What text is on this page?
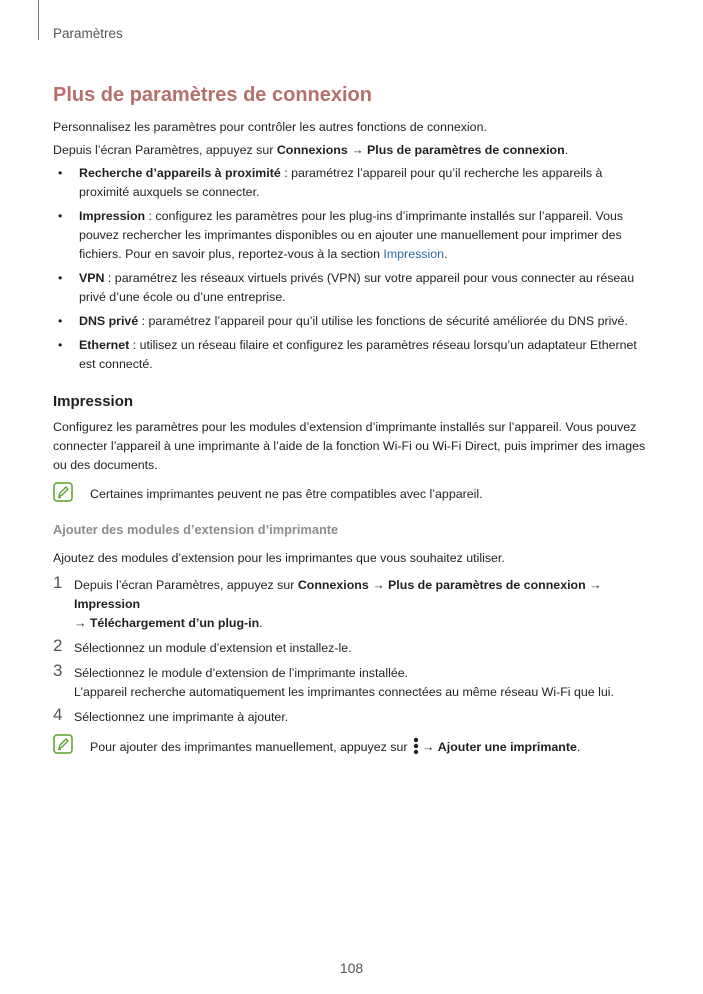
Paramètres
Plus de paramètres de connexion

Personnalisez les paramètres pour contrôler les autres fonctions de connexion.

Depuis l’écran Paramètres, appuyez sur Connexions → Plus de paramètres de connexion.

• Recherche d’appareils à proximité : paramétrez l’appareil pour qu’il recherche les appareils à proximité auxquels se connecter.
• Impression : configurez les paramètres pour les plug-ins d’imprimante installés sur l’appareil. Vous pouvez rechercher les imprimantes disponibles ou en ajouter une manuellement pour imprimer des fichiers. Pour en savoir plus, reportez-vous à la section Impression.
• VPN : paramétrez les réseaux virtuels privés (VPN) sur votre appareil pour vous connecter au réseau privé d’une école ou d’une entreprise.
• DNS privé : paramétrez l’appareil pour qu’il utilise les fonctions de sécurité améliorée du DNS privé.
• Ethernet : utilisez un réseau filaire et configurez les paramètres réseau lorsqu’un adaptateur Ethernet est connecté.
Impression

Configurez les paramètres pour les modules d’extension d’imprimante installés sur l’appareil. Vous pouvez connecter l’appareil à une imprimante à l’aide de la fonction Wi-Fi ou Wi-Fi Direct, puis imprimer des images ou des documents.

Certaines imprimantes peuvent ne pas être compatibles avec l’appareil.
Ajouter des modules d’extension d’imprimante

Ajoutez des modules d’extension pour les imprimantes que vous souhaitez utiliser.

1 Depuis l’écran Paramètres, appuyez sur Connexions → Plus de paramètres de connexion → Impression
→ Téléchargement d’un plug-in.
2 Sélectionnez un module d’extension et installez-le.
3 Sélectionnez le module d’extension de l’imprimante installée.
L’appareil recherche automatiquement les imprimantes connectées au même réseau Wi-Fi que lui.
4 Sélectionnez une imprimante à ajouter.
Pour ajouter des imprimantes manuellement, appuyez sur → Ajouter une imprimante.
108
